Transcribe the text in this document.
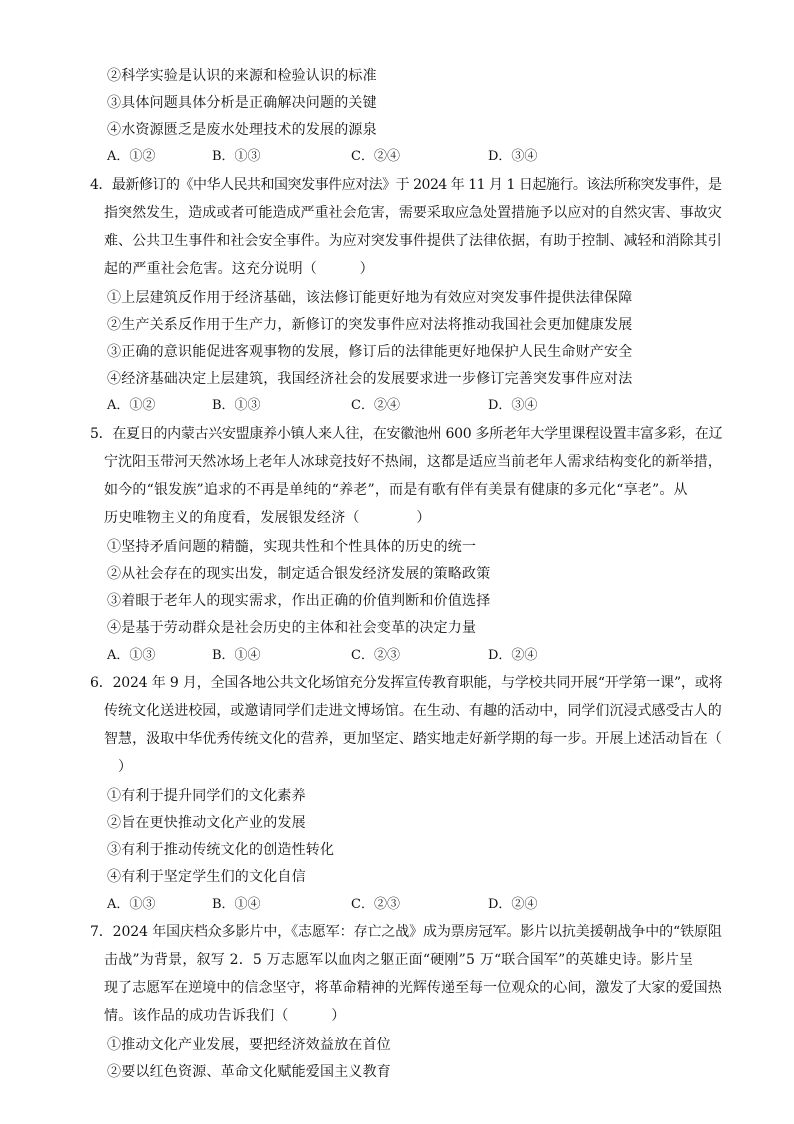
②科学实验是认识的来源和检验认识的标准
③具体问题具体分析是正确解决问题的关键
④水资源匮乏是废水处理技术的发展的源泉
A．①②	B．①③	C．②④	D．③④
4．最新修订的《中华人民共和国突发事件应对法》于 2024 年 11 月 1 日起施行。该法所称突发事件，是
指突然发生，造成或者可能造成严重社会危害，需要采取应急处置措施予以应对的自然灾害、事故灾
难、公共卫生事件和社会安全事件。为应对突发事件提供了法律依据，有助于控制、减轻和消除其引
起的严重社会危害。这充分说明（　　　）
①上层建筑反作用于经济基础，该法修订能更好地为有效应对突发事件提供法律保障
②生产关系反作用于生产力，新修订的突发事件应对法将推动我国社会更加健康发展
③正确的意识能促进客观事物的发展，修订后的法律能更好地保护人民生命财产安全
④经济基础决定上层建筑，我国经济社会的发展要求进一步修订完善突发事件应对法
A．①②	B．①③	C．②④	D．③④
5．在夏日的内蒙古兴安盟康养小镇人来人往，在安徽池州 600 多所老年大学里课程设置丰富多彩，在辽
宁沈阳玉带河天然冰场上老年人冰球竞技好不热闹，这都是适应当前老年人需求结构变化的新举措，
如今的“银发族”追求的不再是单纯的“养老”，而是有歌有伴有美景有健康的多元化“享老”。从
历史唯物主义的角度看，发展银发经济（　　　　）
①坚持矛盾问题的精髓，实现共性和个性具体的历史的统一
②从社会存在的现实出发，制定适合银发经济发展的策略政策
③着眼于老年人的现实需求，作出正确的价值判断和价值选择
④是基于劳动群众是社会历史的主体和社会变革的决定力量
A．①③	B．①④	C．②③	D．②④
6．2024 年 9 月，全国各地公共文化场馆充分发挥宣传教育职能，与学校共同开展“开学第一课”，或将
传统文化送进校园，或邀请同学们走进文博场馆。在生动、有趣的活动中，同学们沉浸式感受古人的
智慧，汲取中华优秀传统文化的营养，更加坚定、踏实地走好新学期的每一步。开展上述活动旨在（
）
①有利于提升同学们的文化素养
②旨在更快推动文化产业的发展
③有利于推动传统文化的创造性转化
④有利于坚定学生们的文化自信
A．①③	B．①④	C．②③	D．②④
7．2024 年国庆档众多影片中，《志愿军：存亡之战》成为票房冠军。影片以抗美援朝战争中的“铁原阻
击战”为背景，叙写 2．5 万志愿军以血肉之躯正面“硬刚”5 万“联合国军”的英雄史诗。影片呈
现了志愿军在逆境中的信念坚守，将革命精神的光辉传递至每一位观众的心间，激发了大家的爱国热
情。该作品的成功告诉我们（　　　）
①推动文化产业发展，要把经济效益放在首位
②要以红色资源、革命文化赋能爱国主义教育
